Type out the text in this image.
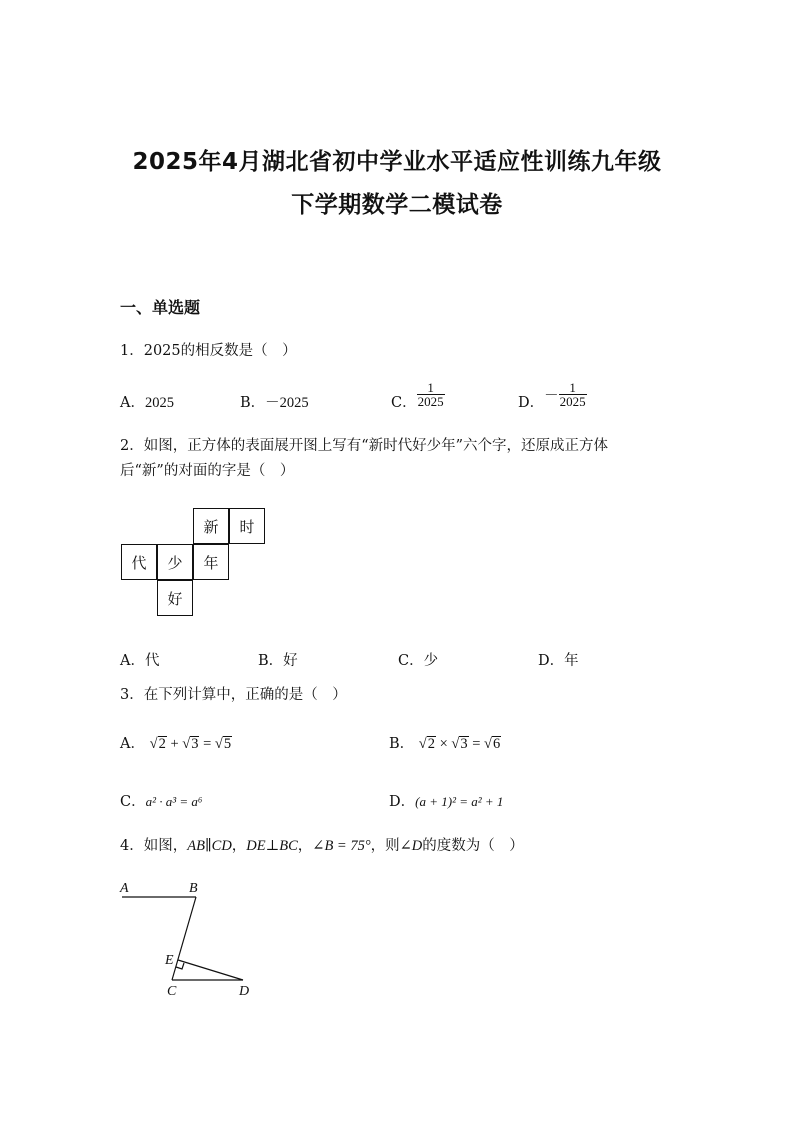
2025年4月湖北省初中学业水平适应性训练九年级
下学期数学二模试卷
一、单选题
1．2025的相反数是（　）
A．2025	B．－2025	C． $\frac{1}{2025}$	D．－ $\frac{1}{2025}$
2．如图，正方体的表面展开图上写有“新时代好少年”六个字，还原成正方体
后“新”的对面的字是（　）
新	时
代	少	年
好
A．代	B．好	C．少	D．年
3．在下列计算中，正确的是（　）
A． √2 + √3 = √5	B． √2 × √3 = √6
C．a² · a³ = a⁶	D．(a + 1)² = a² + 1
4．如图，AB∥CD，DE⊥BC，∠B = 75°，则∠D的度数为（　）
A	B
E
C	D
